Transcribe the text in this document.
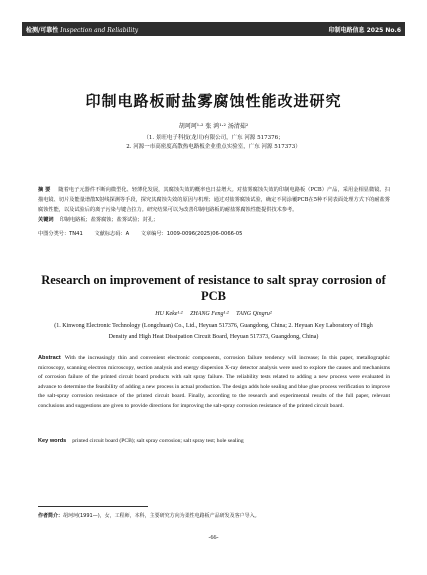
检测/可靠性 Inspection and Reliability	印制电路信息 2025 No.6
印制电路板耐盐雾腐蚀性能改进研究
胡珂珂¹·² 张 鸿¹·² 汤清茹²
（1. 景旺电子科技(龙川)有限公司，广东 河源 517376；
2. 河源一市高密度高散热电路板企业重点实验室，广东 河源 517373）
摘 要 随着电子元器件不断向微型化、轻薄化发展，其腐蚀失效的概率也日益增大。对盐雾腐蚀失效的印制电路板（PCB）产品，采用金相显微镜、扫描电镜、切片及能量谱散X射线探测等手段，探究其腐蚀失效的原因与机理；通过对盐雾腐蚀试验，确定不同涂覆PCB在5种不同表面处理方式下的耐盐雾腐蚀性能，以及试验后的离子污染与键合拉力。研究结果可以为改善印制电路板的耐盐雾腐蚀性能提供技术参考。
关键词 印制电路板；盐雾腐蚀；盐雾试验；封孔；
中图分类号：TN41 文献标志码：A 文章编号：1009-0096(2025)06-0066-05
Research on improvement of resistance to salt spray corrosion of PCB
HU Keke¹·² ZHANG Feng¹·² TANG Qingru²
(1. Kinwong Electronic Technology (Longchuan) Co., Ltd., Heyuan 517376, Guangdong, China; 2. Heyuan Key Laboratory of High Density and High Heat Dissipation Circuit Board, Heyuan 517373, Guangdong, China)
Abstract With the increasingly thin and convenient electronic components, corrosion failure tendency will increase; In this paper, metallographic microscopy, scanning electron microscopy, section analysis and energy dispersion X-ray detector analysis were used to explore the causes and mechanisms of corrosion failure of the printed circuit board products with salt spray failure. The reliability tests related to adding a new process were evaluated in advance to determine the feasibility of adding a new process in actual production. The design adds hole sealing and blue glue process verification to improve the salt-spray corrosion resistance of the printed circuit board. Finally, according to the research and experimental results of the full paper, relevant conclusions and suggestions are given to provide directions for improving the salt-spray corrosion resistance of the printed circuit board.
Key words printed circuit board (PCB); salt spray corrosion; salt spray test; hole sealing
作者简介：胡珂珂(1991—)，女，工程师，本科，主要研究方向为柔性电路板产品研发及客户导入。
-66-
